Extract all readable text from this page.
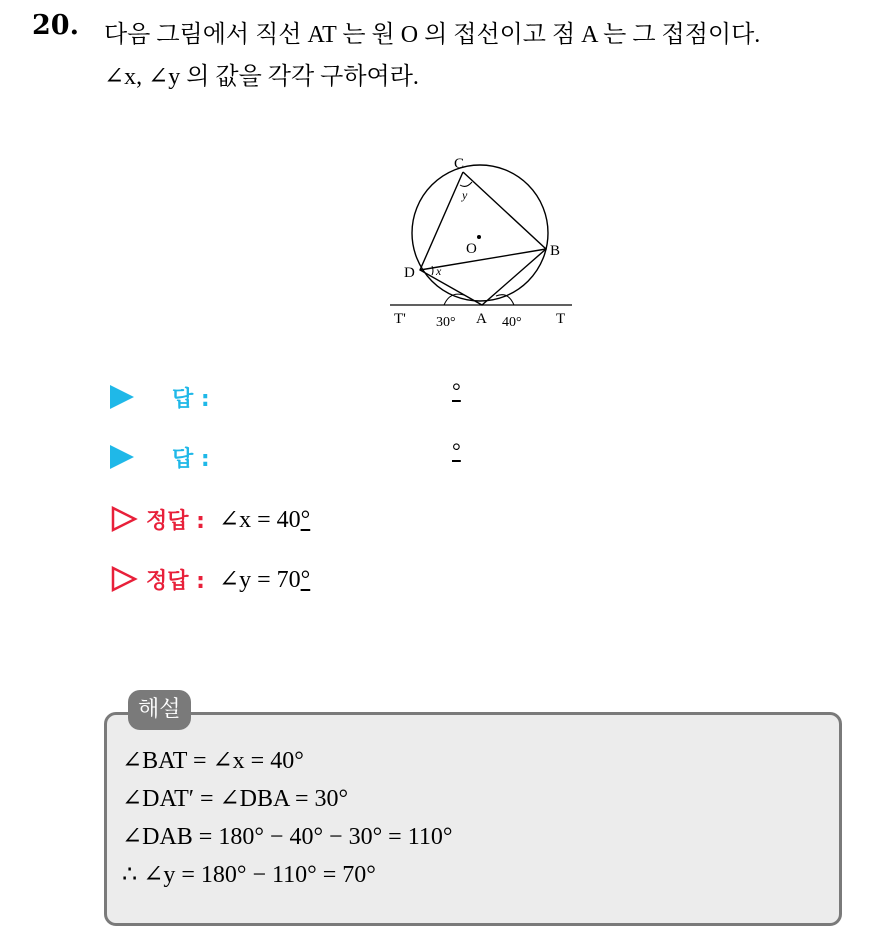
20. 다음 그림에서 직선 AT 는 원 O 의 접선이고 점 A 는 그 접점이다.
∠x, ∠y 의 값을 각각 구하여라.
C
y
O	B
D x
T' 30° A 40° T
답 :	°
답 :	°
정답 : ∠x = 40°
정답 : ∠y = 70°
해설
∠BAT = ∠x = 40°
∠DAT′ = ∠DBA = 30°
∠DAB = 180° − 40° − 30° = 110°
∴ ∠y = 180° − 110° = 70°
